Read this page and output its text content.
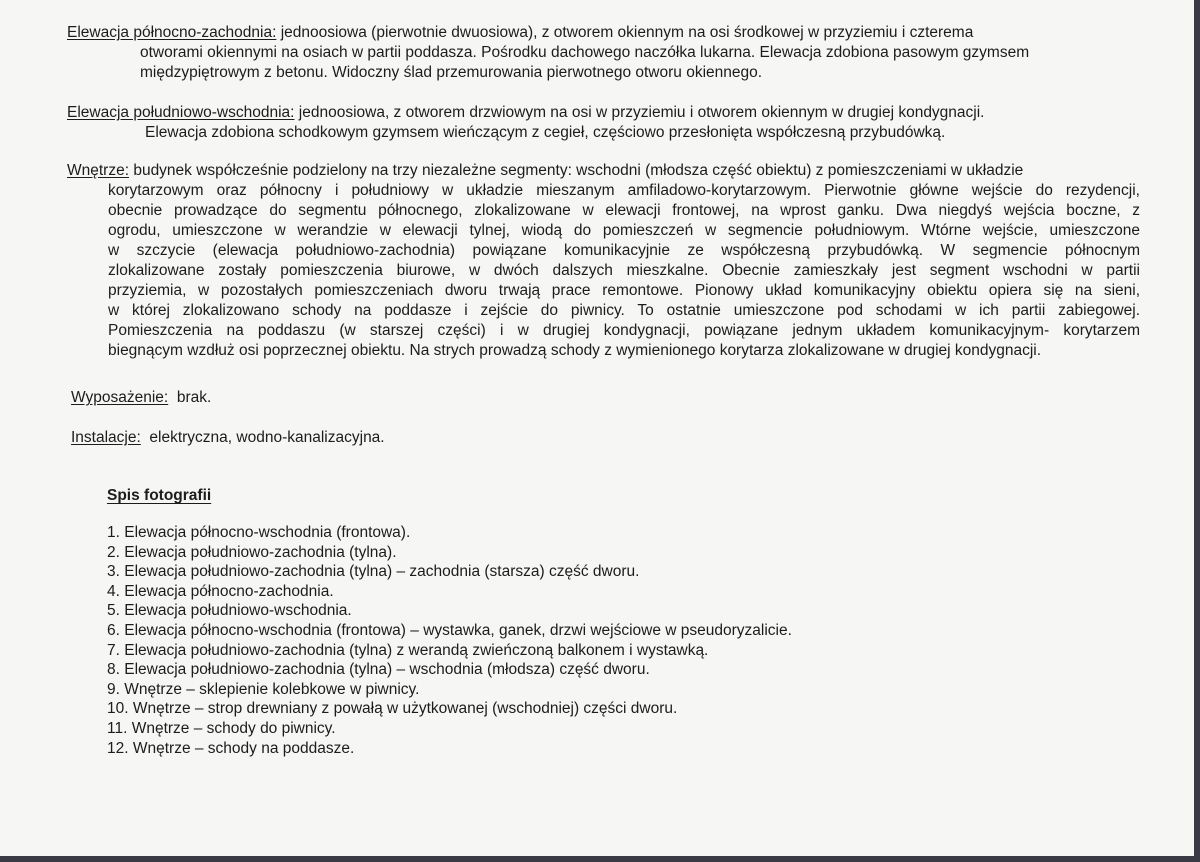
Elewacja północno-zachodnia: jednoosiowa (pierwotnie dwuosiowa), z otworem okiennym na osi środkowej w przyziemiu i czterema
otworami okiennymi na osiach w partii poddasza. Pośrodku dachowego naczółka lukarna. Elewacja zdobiona pasowym gzymsem
międzypiętrowym z betonu. Widoczny ślad przemurowania pierwotnego otworu okiennego.
Elewacja południowo-wschodnia: jednoosiowa, z otworem drzwiowym na osi w przyziemiu i otworem okiennym w drugiej kondygnacji.
Elewacja zdobiona schodkowym gzymsem wieńczącym z cegieł, częściowo przesłonięta współczesną przybudówką.
Wnętrze: budynek współcześnie podzielony na trzy niezależne segmenty: wschodni (młodsza część obiektu) z pomieszczeniami w układzie
korytarzowym oraz północny i południowy w układzie mieszanym amfiladowo-korytarzowym. Pierwotnie główne wejście do rezydencji,
obecnie prowadzące do segmentu północnego, zlokalizowane w elewacji frontowej, na wprost ganku. Dwa niegdyś wejścia boczne, z
ogrodu, umieszczone w werandzie w elewacji tylnej, wiodą do pomieszczeń w segmencie południowym. Wtórne wejście, umieszczone
w szczycie (elewacja południowo-zachodnia) powiązane komunikacyjnie ze współczesną przybudówką. W segmencie północnym
zlokalizowane zostały pomieszczenia biurowe, w dwóch dalszych mieszkalne. Obecnie zamieszkały jest segment wschodni w partii
przyziemia, w pozostałych pomieszczeniach dworu trwają prace remontowe. Pionowy układ komunikacyjny obiektu opiera się na sieni,
w której zlokalizowano schody na poddasze i zejście do piwnicy. To ostatnie umieszczone pod schodami w ich partii zabiegowej.
Pomieszczenia na poddaszu (w starszej części) i w drugiej kondygnacji, powiązane jednym układem komunikacyjnym- korytarzem
biegnącym wzdłuż osi poprzecznej obiektu. Na strych prowadzą schody z wymienionego korytarza zlokalizowane w drugiej kondygnacji.
Wyposażenie:  brak.
Instalacje:  elektryczna, wodno-kanalizacyjna.
Spis fotografii
1. Elewacja północno-wschodnia (frontowa).
2. Elewacja południowo-zachodnia (tylna).
3. Elewacja południowo-zachodnia (tylna) – zachodnia (starsza) część dworu.
4. Elewacja północno-zachodnia.
5. Elewacja południowo-wschodnia.
6. Elewacja północno-wschodnia (frontowa) – wystawka, ganek, drzwi wejściowe w pseudoryzalicie.
7. Elewacja południowo-zachodnia (tylna) z werandą zwieńczoną balkonem i wystawką.
8. Elewacja południowo-zachodnia (tylna) – wschodnia (młodsza) część dworu.
9. Wnętrze – sklepienie kolebkowe w piwnicy.
10. Wnętrze – strop drewniany z powałą w użytkowanej (wschodniej) części dworu.
11. Wnętrze – schody do piwnicy.
12. Wnętrze – schody na poddasze.
